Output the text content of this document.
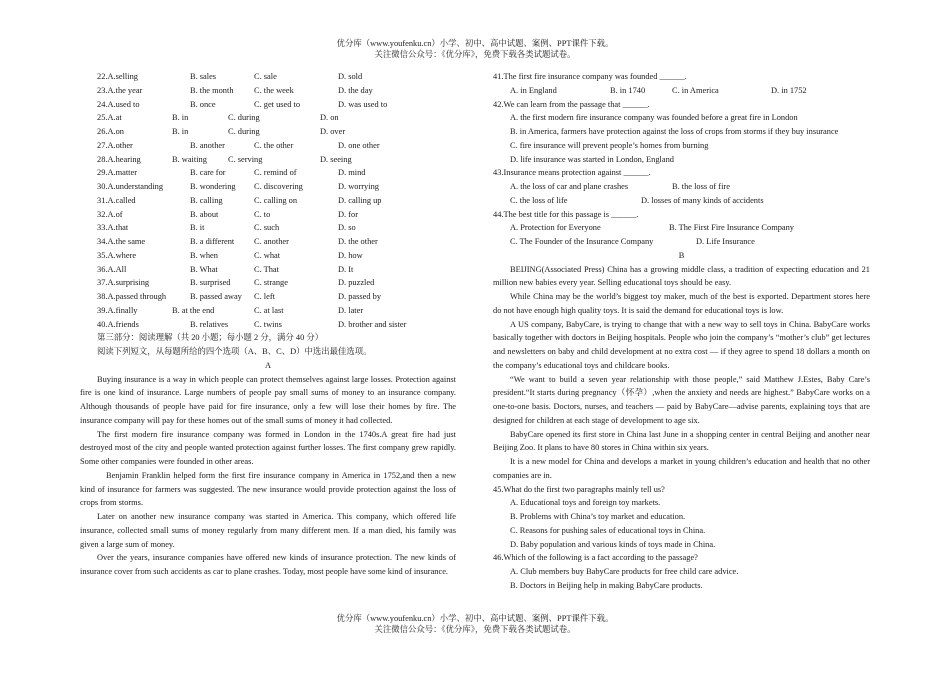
优分库（www.youfenku.cn）小学、初中、高中试题、案例、PPT课件下载。
关注微信公众号：《优分库》，免费下载各类试题试卷。
22.A.selling	B. sales	C. sale	D. sold
23.A.the year	B. the month C. the week	D. the day
24.A.used to	B. once	C. get used to	D. was used to
25.A.at	B. in	C. during	D. on
26.A.on	B. in	C. during	D. over
27.A.other	B. another	C. the other	D. one other
28.A.hearing	B. waiting	C. serving	D. seeing
29.A.matter	B. care for	C. remind of	D. mind
30.A.understanding	B. wondering C. discovering	D. worrying
31.A.called	B. calling	C. calling on	D. calling up
32.A.of	B. about	C. to	D. for
33.A.that	B. it	C. such	D. so
34.A.the same	B. a different C. another	D. the other
35.A.where	B. when	C. what	D. how
36.A.All	B. What	C. That	D. It
37.A.surprising	B. surprised	C. strange	D. puzzled
38.A.passed through	B. passed away C. left	D. passed by
39.A.finally	B. at the end	C. at last	D. later
40.A.friends	B. relatives	C. twins	D. brother and sister
第三部分：阅读理解（共 20 小题；每小题 2 分，满分 40 分）
阅读下列短文，从每题所给的四个选项（A、B、C、D）中选出最佳选项。
A
Buying insurance is a way in which people can protect themselves against large losses. Protection against fire is one kind of insurance. Large numbers of people pay small sums of money to an insurance company. Although thousands of people have paid for fire insurance, only a few will lose their homes by fire. The insurance company will pay for these homes out of the small sums of money it had collected.
The first modern fire insurance company was formed in London in the 1740s.A great fire had just destroyed most of the city and people wanted protection against further losses. The first company grew rapidly. Some other companies were founded in other areas.
Benjamin Franklin helped form the first fire insurance company in America in 1752,and then a new kind of insurance for farmers was suggested. The new insurance would provide protection against the loss of crops from storms.
Later on another new insurance company was started in America. This company, which offered life insurance, collected small sums of money regularly from many different men. If a man died, his family was given a large sum of money.
Over the years, insurance companies have offered new kinds of insurance protection. The new kinds of insurance cover from such accidents as car to plane crashes. Today, most people have some kind of insurance.
41.The first fire insurance company was founded ______.
A. in England	B. in 1740	C. in America	D. in 1752
42.We can learn from the passage that ______.
A. the first modern fire insurance company was founded before a great fire in London
B. in America, farmers have protection against the loss of crops from storms if they buy insurance
C. fire insurance will prevent people’s homes from burning
D. life insurance was started in London, England
43.Insurance means protection against ______.
A. the loss of car and plane crashes	B. the loss of fire
C. the loss of life	D. losses of many kinds of accidents
44.The best title for this passage is ______.
A. Protection for Everyone	B. The First Fire Insurance Company
C. The Founder of the Insurance Company	D. Life Insurance
B
BEIJING(Associated Press) China has a growing middle class, a tradition of expecting education and 21 million new babies every year. Selling educational toys should be easy.
While China may be the world’s biggest toy maker, much of the best is exported. Department stores here do not have enough high quality toys. It is said the demand for educational toys is low.
A US company, BabyCare, is trying to change that with a new way to sell toys in China. BabyCare works basically together with doctors in Beijing hospitals. People who join the company’s “mother’s club” get lectures and newsletters on baby and child development at no extra cost — if they agree to spend 18 dollars a month on the company’s educational toys and childcare books.
“We want to build a seven year relationship with those people,” said Matthew J.Estes, Baby Care’s president.“It starts during pregnancy（怀孕）,when the anxiety and needs are highest.” BabyCare works on a one-to-one basis. Doctors, nurses, and teachers — paid by BabyCare—advise parents, explaining toys that are designed for children at each stage of development to age six.
BabyCare opened its first store in China last June in a shopping center in central Beijing and another near Beijing Zoo. It plans to have 80 stores in China within six years.
It is a new model for China and develops a market in young children’s education and health that no other companies are in.
45.What do the first two paragraphs mainly tell us?
A. Educational toys and foreign toy markets.
B. Problems with China’s toy market and education.
C. Reasons for pushing sales of educational toys in China.
D. Baby population and various kinds of toys made in China.
46.Which of the following is a fact according to the passage?
A. Club members buy BabyCare products for free child care advice.
B. Doctors in Beijing help in making BabyCare products.
优分库（www.youfenku.cn）小学、初中、高中试题、案例、PPT课件下载。
关注微信公众号：《优分库》，免费下载各类试题试卷。
